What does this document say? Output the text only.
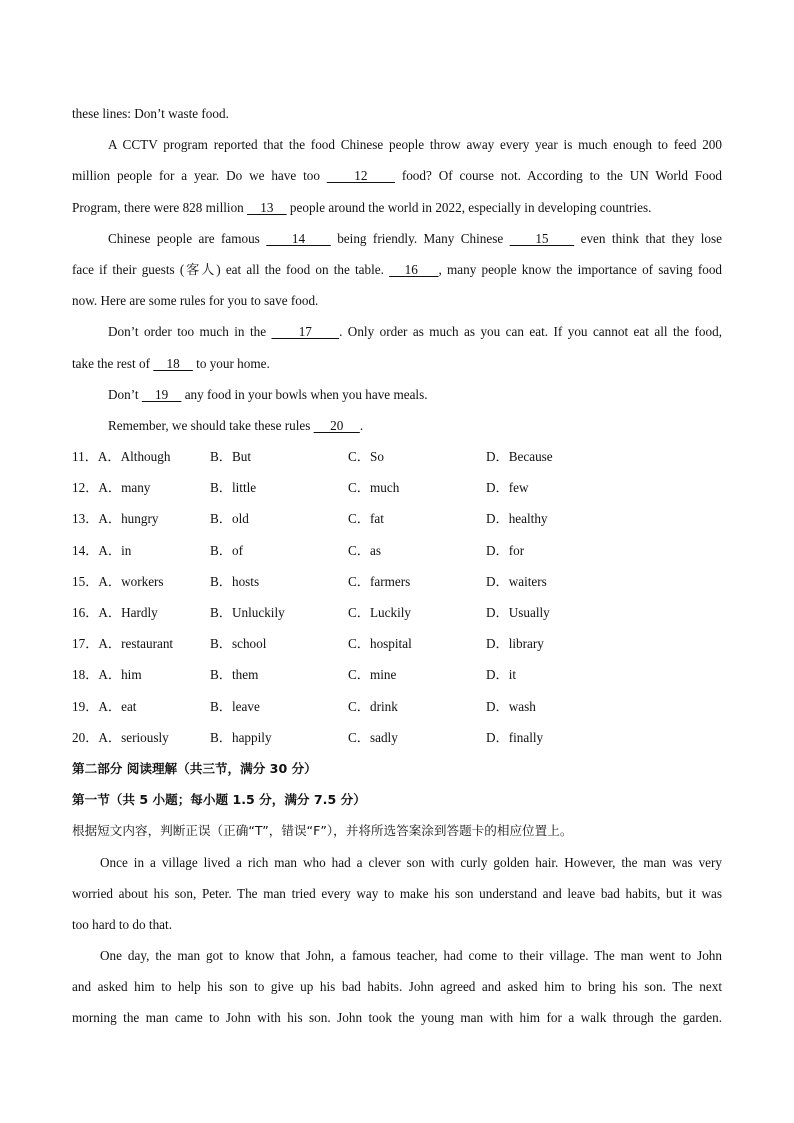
these lines: Don’t waste food.
A CCTV program reported that the food Chinese people throw away every year is much enough to feed 200
million people for a year. Do we have too     12     food? Of course not. According to the UN World Food
Program, there were 828 million     13     people around the world in 2022, especially in developing countries.
Chinese people are famous     14     being friendly. Many Chinese     15     even think that they lose
face if their guests (客人) eat all the food on the table.    16    , many people know the importance of saving food
now. Here are some rules for you to save food.
Don’t order too much in the      17     . Only order as much as you can eat. If you cannot eat all the food,
take the rest of     18     to your home.
Don’t     19     any food in your bowls when you have meals.
Remember, we should take these rules      20     .
11．A．Although	B．But	C．So	D．Because
12．A．many	B．little	C．much	D．few
13．A．hungry	B．old	C．fat	D．healthy
14．A．in	B．of	C．as	D．for
15．A．workers	B．hosts	C．farmers	D．waiters
16．A．Hardly	B．Unluckily	C．Luckily	D．Usually
17．A．restaurant	B．school	C．hospital	D．library
18．A．him	B．them	C．mine	D．it
19．A．eat	B．leave	C．drink	D．wash
20．A．seriously	B．happily	C．sadly	D．finally
第二部分 阅读理解（共三节，满分 30 分）
第一节（共 5 小题；每小题 1.5 分，满分 7.5 分）
根据短文内容，判断正误（正确“T”，错误“F”），并将所选答案涂到答题卡的相应位置上。
Once in a village lived a rich man who had a clever son with curly golden hair. However, the man was very
worried about his son, Peter. The man tried every way to make his son understand and leave bad habits, but it was
too hard to do that.
One day, the man got to know that John, a famous teacher, had come to their village. The man went to John
and asked him to help his son to give up his bad habits. John agreed and asked him to bring his son. The next
morning the man came to John with his son. John took the young man with him for a walk through the garden.
